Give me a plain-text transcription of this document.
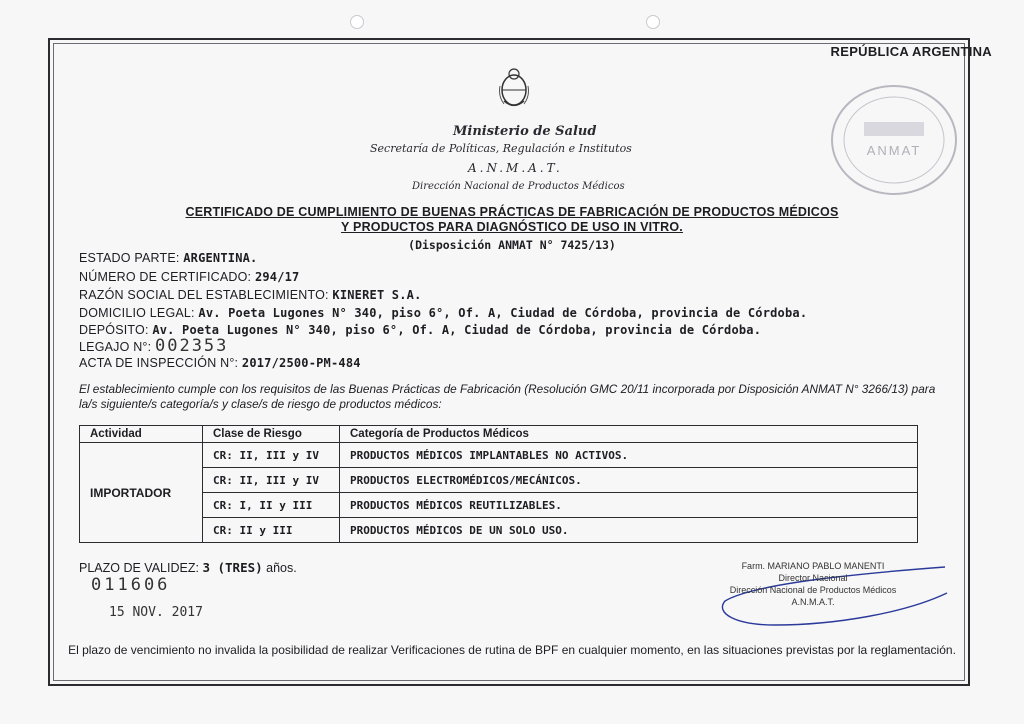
REPÚBLICA ARGENTINA
Ministerio de Salud
Secretaría de Políticas, Regulación e Institutos
A.N.M.A.T.
Dirección Nacional de Productos Médicos
CERTIFICADO DE CUMPLIMIENTO DE BUENAS PRÁCTICAS DE FABRICACIÓN DE PRODUCTOS MÉDICOS
Y PRODUCTOS PARA DIAGNÓSTICO DE USO IN VITRO.
(Disposición ANMAT N° 7425/13)
ESTADO PARTE: ARGENTINA.
NÚMERO DE CERTIFICADO: 294/17
RAZÓN SOCIAL DEL ESTABLECIMIENTO: KINERET S.A.
DOMICILIO LEGAL: Av. Poeta Lugones N° 340, piso 6°, Of. A, Ciudad de Córdoba, provincia de Córdoba.
DEPÓSITO: Av. Poeta Lugones N° 340, piso 6°, Of. A, Ciudad de Córdoba, provincia de Córdoba.
LEGAJO N°: 002353
ACTA DE INSPECCIÓN N°: 2017/2500-PM-484
El establecimiento cumple con los requisitos de las Buenas Prácticas de Fabricación (Resolución GMC 20/11 incorporada por Disposición ANMAT N° 3266/13) para la/s siguiente/s categoría/s y clase/s de riesgo de productos médicos:
Actividad	Clase de Riesgo	Categoría de Productos Médicos
IMPORTADOR	CR: II, III y IV	PRODUCTOS MÉDICOS IMPLANTABLES NO ACTIVOS.
	CR: II, III y IV	PRODUCTOS ELECTROMÉDICOS/MECÁNICOS.
	CR: I, II y III	PRODUCTOS MÉDICOS REUTILIZABLES.
	CR: II y III	PRODUCTOS MÉDICOS DE UN SOLO USO.
PLAZO DE VALIDEZ: 3 (TRES) años.
011606
15 NOV. 2017
ANMAT
Farm. MARIANO PABLO MANENTI
Director Nacional
Dirección Nacional de Productos Médicos
A.N.M.A.T.
El plazo de vencimiento no invalida la posibilidad de realizar Verificaciones de rutina de BPF en cualquier momento, en las situaciones previstas por la reglamentación.
